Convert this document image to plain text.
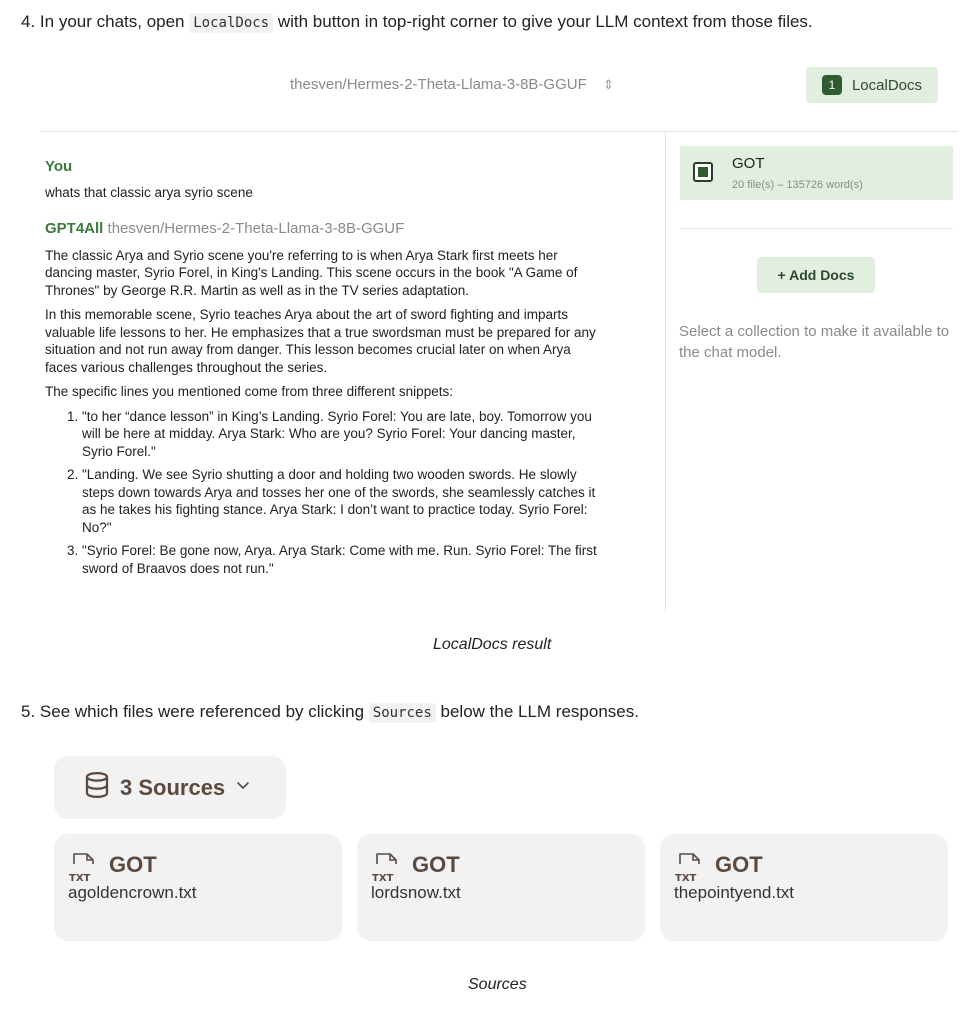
4. In your chats, open LocalDocs with button in top-right corner to give your LLM context from those files.
thesven/Hermes-2-Theta-Llama-3-8B-GGUF ⇕	1	LocalDocs
You

whats that classic arya syrio scene

GPT4All thesven/Hermes-2-Theta-Llama-3-8B-GGUF

The classic Arya and Syrio scene you're referring to is when Arya Stark first meets her dancing master, Syrio Forel, in King's Landing. This scene occurs in the book "A Game of Thrones" by George R.R. Martin as well as in the TV series adaptation.

In this memorable scene, Syrio teaches Arya about the art of sword fighting and imparts valuable life lessons to her. He emphasizes that a true swordsman must be prepared for any situation and not run away from danger. This lesson becomes crucial later on when Arya faces various challenges throughout the series.

The specific lines you mentioned come from three different snippets:

1. "to her “dance lesson” in King’s Landing. Syrio Forel: You are late, boy. Tomorrow you will be here at midday. Arya Stark: Who are you? Syrio Forel: Your dancing master, Syrio Forel."
2. "Landing. We see Syrio shutting a door and holding two wooden swords. He slowly steps down towards Arya and tosses her one of the swords, she seamlessly catches it as he takes his fighting stance. Arya Stark: I don’t want to practice today. Syrio Forel: No?"
3. "Syrio Forel: Be gone now, Arya. Arya Stark: Come with me. Run. Syrio Forel: The first sword of Braavos does not run."
GOT
20 file(s) – 135726 word(s)
+ Add Docs
Select a collection to make it available to the chat model.
LocalDocs result
5. See which files were referenced by clicking Sources below the LLM responses.
3 Sources
TXT
GOT
agoldencrown.txt
TXT
GOT
lordsnow.txt
TXT
GOT
thepointyend.txt
Sources
